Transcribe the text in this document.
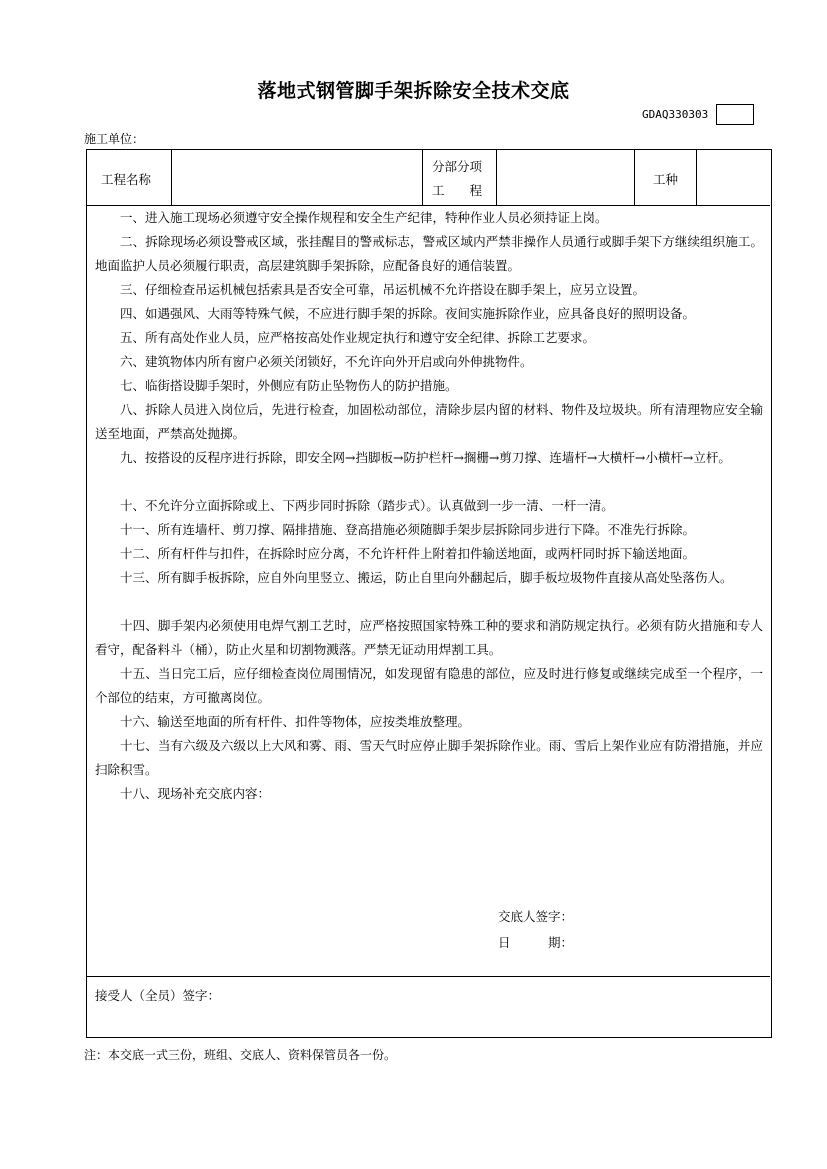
落地式钢管脚手架拆除安全技术交底
GDAQ330303
施工单位：
工程名称
分部分项
工　　程
工种
一、进入施工现场必须遵守安全操作规程和安全生产纪律，特种作业人员必须持证上岗。
二、拆除现场必须设警戒区域，张挂醒目的警戒标志，警戒区域内严禁非操作人员通行或脚手架下方继续组织施工。地面监护人员必须履行职责，高层建筑脚手架拆除，应配备良好的通信装置。
三、仔细检查吊运机械包括索具是否安全可靠，吊运机械不允许搭设在脚手架上，应另立设置。
四、如遇强风、大雨等特殊气候，不应进行脚手架的拆除。夜间实施拆除作业，应具备良好的照明设备。
五、所有高处作业人员，应严格按高处作业规定执行和遵守安全纪律、拆除工艺要求。
六、建筑物体内所有窗户必须关闭锁好，不允许向外开启或向外伸挑物件。
七、临街搭设脚手架时，外侧应有防止坠物伤人的防护措施。
八、拆除人员进入岗位后，先进行检查，加固松动部位，清除步层内留的材料、物件及垃圾块。所有清理物应安全输送至地面，严禁高处抛掷。
九、按搭设的反程序进行拆除，即安全网→挡脚板→防护栏杆→搁栅→剪刀撑、连墙杆→大横杆→小横杆→立杆。
十、不允许分立面拆除或上、下两步同时拆除（踏步式）。认真做到一步一清、一杆一清。
十一、所有连墙杆、剪刀撑、隔排措施、登高措施必须随脚手架步层拆除同步进行下降。不准先行拆除。
十二、所有杆件与扣件，在拆除时应分离，不允许杆件上附着扣件输送地面，或两杆同时拆下输送地面。
十三、所有脚手板拆除，应自外向里竖立、搬运，防止自里向外翻起后，脚手板垃圾物件直接从高处坠落伤人。
十四、脚手架内必须使用电焊气割工艺时，应严格按照国家特殊工种的要求和消防规定执行。必须有防火措施和专人看守，配备料斗（桶），防止火星和切割物溅落。严禁无证动用焊割工具。
十五、当日完工后，应仔细检查岗位周围情况，如发现留有隐患的部位，应及时进行修复或继续完成至一个程序，一个部位的结束，方可撤离岗位。
十六、输送至地面的所有杆件、扣件等物体，应按类堆放整理。
十七、当有六级及六级以上大风和雾、雨、雪天气时应停止脚手架拆除作业。雨、雪后上架作业应有防滑措施，并应扫除积雪。
十八、现场补充交底内容：
交底人签字：
日　　　期：
接受人（全员）签字：
注：本交底一式三份，班组、交底人、资料保管员各一份。
